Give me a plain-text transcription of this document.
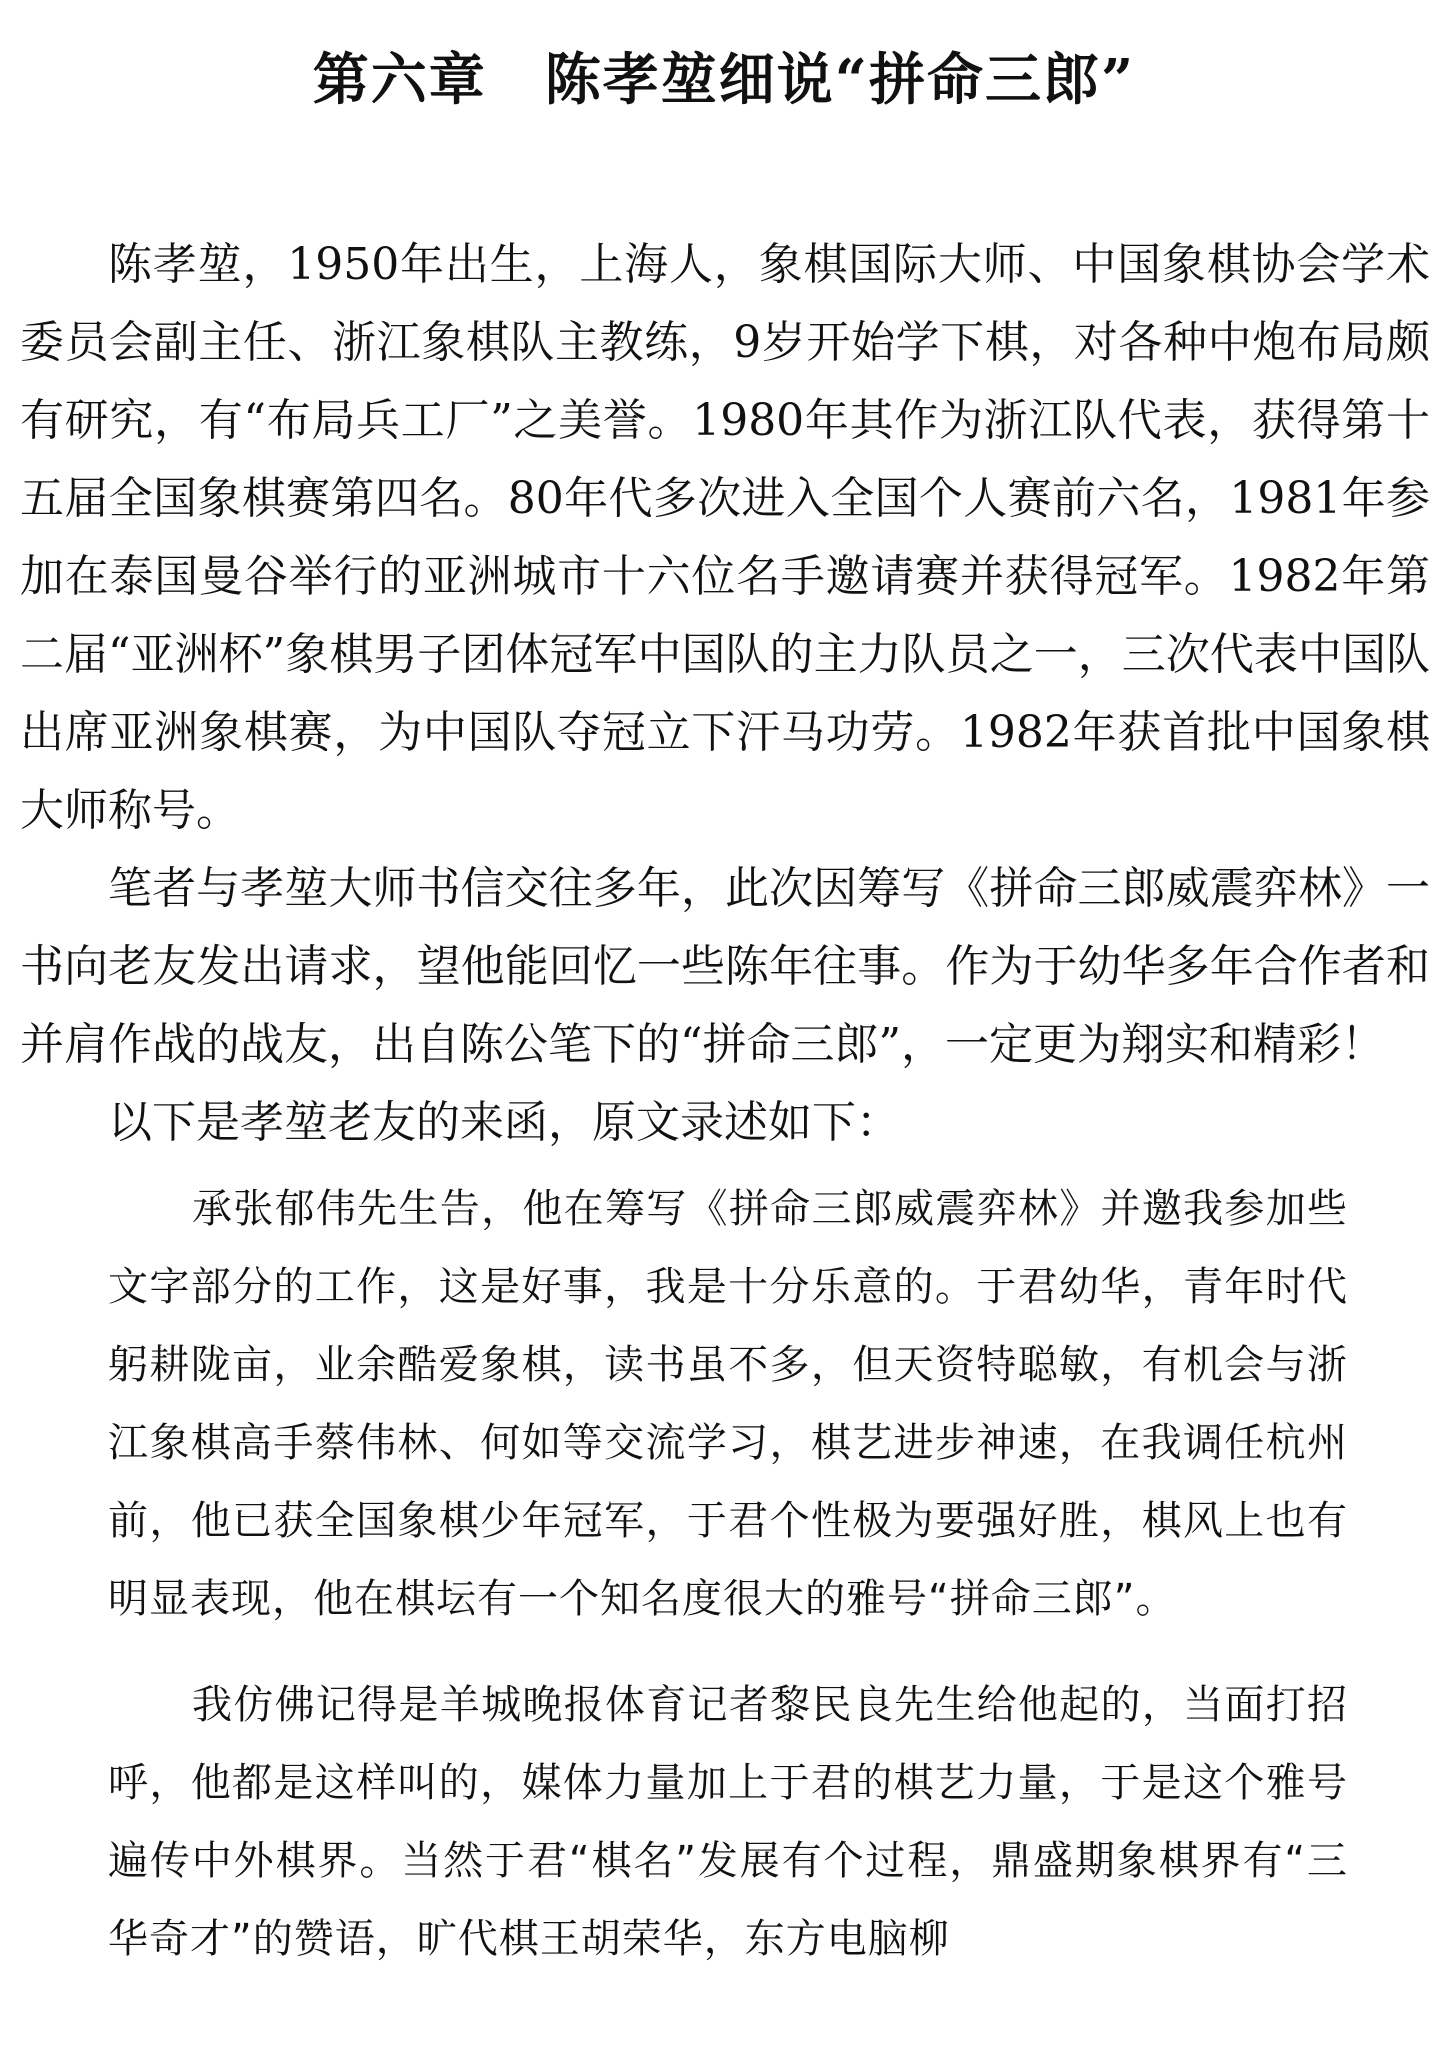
第六章　陈孝堃细说“拼命三郎”

陈孝堃，1950年出生，上海人，象棋国际大师、中国象棋协会学术委员会副主任、浙江象棋队主教练，9岁开始学下棋，对各种中炮布局颇有研究，有“布局兵工厂”之美誉。1980年其作为浙江队代表，获得第十五届全国象棋赛第四名。80年代多次进入全国个人赛前六名，1981年参加在泰国曼谷举行的亚洲城市十六位名手邀请赛并获得冠军。1982年第二届“亚洲杯”象棋男子团体冠军中国队的主力队员之一，三次代表中国队出席亚洲象棋赛，为中国队夺冠立下汗马功劳。1982年获首批中国象棋大师称号。

笔者与孝堃大师书信交往多年，此次因筹写《拼命三郎威震弈林》一书向老友发出请求，望他能回忆一些陈年往事。作为于幼华多年合作者和并肩作战的战友，出自陈公笔下的“拼命三郎”，一定更为翔实和精彩！

以下是孝堃老友的来函，原文录述如下：

承张郁伟先生告，他在筹写《拼命三郎威震弈林》并邀我参加些文字部分的工作，这是好事，我是十分乐意的。于君幼华，青年时代躬耕陇亩，业余酷爱象棋，读书虽不多，但天资特聪敏，有机会与浙江象棋高手蔡伟林、何如等交流学习，棋艺进步神速，在我调任杭州前，他已获全国象棋少年冠军，于君个性极为要强好胜，棋风上也有明显表现，他在棋坛有一个知名度很大的雅号“拼命三郎”。

我仿佛记得是羊城晚报体育记者黎民良先生给他起的，当面打招呼，他都是这样叫的，媒体力量加上于君的棋艺力量，于是这个雅号遍传中外棋界。当然于君“棋名”发展有个过程，鼎盛期象棋界有“三华奇才”的赞语，旷代棋王胡荣华，东方电脑柳
